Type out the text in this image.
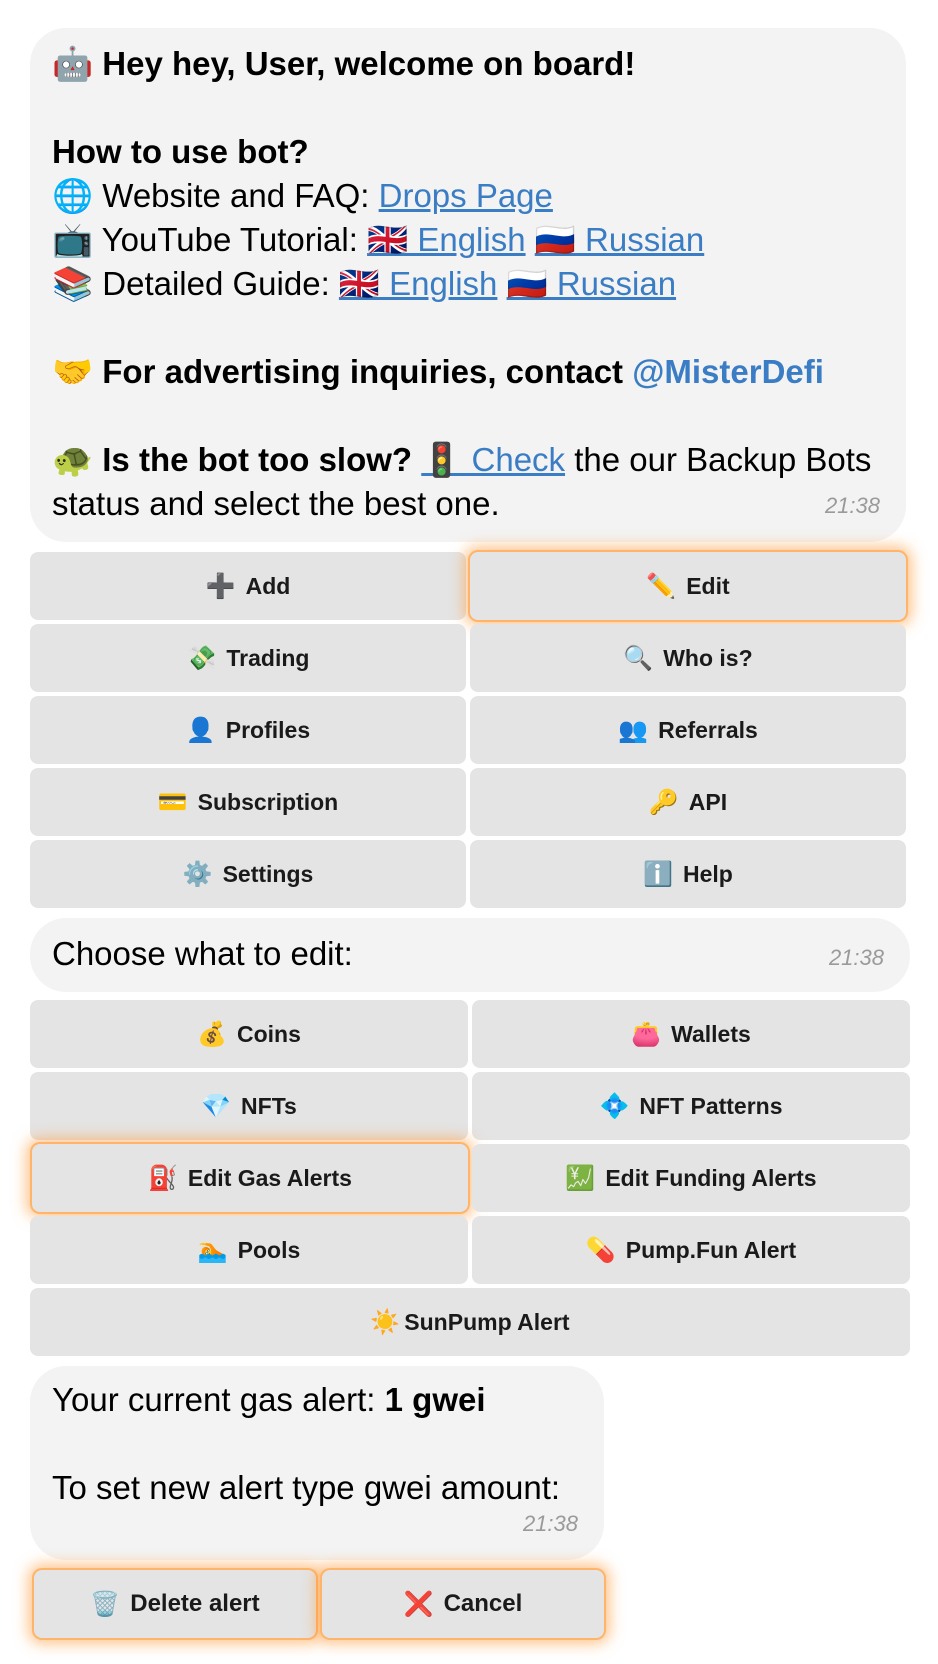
🤖 Hey hey, User, welcome on board!
How to use bot?
🌐 Website and FAQ: Drops Page
📺 YouTube Tutorial: 🇬🇧 English 🇷🇺 Russian
📚 Detailed Guide: 🇬🇧 English 🇷🇺 Russian
🤝 For advertising inquiries, contact @MisterDefi
🐢 Is the bot too slow? 🚦 Check the our Backup Bots
status and select the best one.	21:38
➕ Add	✏️ Edit
💸 Trading	🔍 Who is?
👤 Profiles	👥 Referrals
💳 Subscription	🔑 API
⚙️ Settings	ℹ️ Help
Choose what to edit:	21:38
💰 Coins	👛 Wallets
💎 NFTs	💠 NFT Patterns
⛽ Edit Gas Alerts	💹 Edit Funding Alerts
🏊 Pools	💊 Pump.Fun Alert
☀️ SunPump Alert
Your current gas alert: 1 gwei
To set new alert type gwei amount:
21:38
🗑️ Delete alert	❌ Cancel
